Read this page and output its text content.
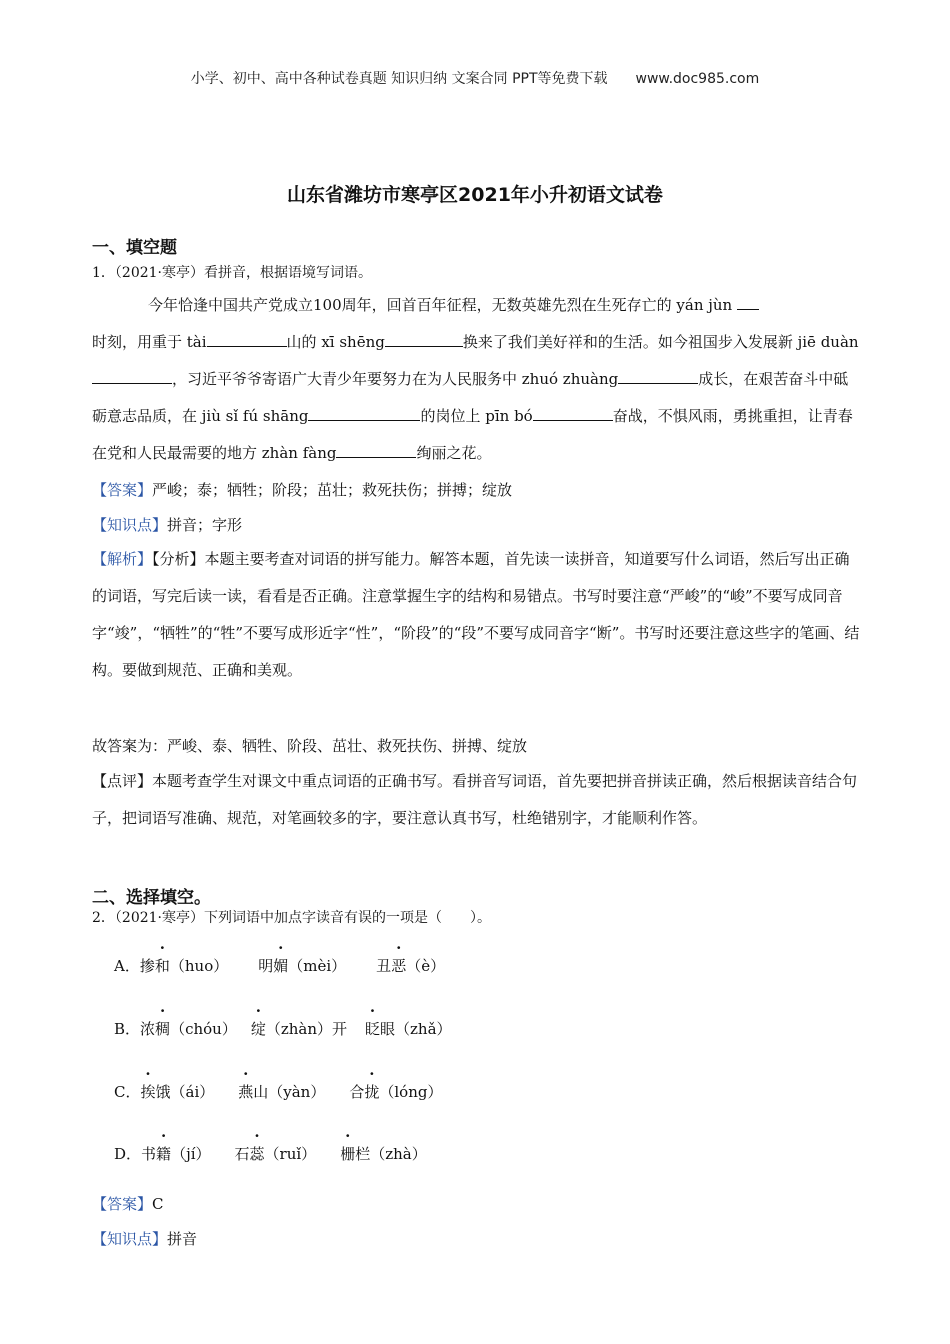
小学、初中、高中各种试卷真题 知识归纳 文案合同 PPT等免费下载 www.doc985.com
山东省潍坊市寒亭区2021年小升初语文试卷
一、填空题
1．（2021·寒亭）看拼音，根据语境写词语。
今年恰逢中国共产党成立100周年，回首百年征程，无数英雄先烈在生死存亡的 yán jùn
时刻，用重于 tài	山的 xī shēng	换来了我们美好祥和的生活。如今祖国步入发展新 jiē duàn，习近平爷爷寄语广大青少年要努力在为人民服务中 zhuó zhuàng	成长，在艰苦奋斗中砥砺意志品质，在 jiù sǐ fú shāng	的岗位上 pīn bó	奋战，不惧风雨，勇挑重担，让青春在党和人民最需要的地方 zhàn fàng	绚丽之花。
【答案】严峻；泰；牺牲；阶段；茁壮；救死扶伤；拼搏；绽放
【知识点】拼音；字形
【解析】【分析】本题主要考查对词语的拼写能力。解答本题，首先读一读拼音，知道要写什么词语，然后写出正确的词语，写完后读一读，看看是否正确。注意掌握生字的结构和易错点。书写时要注意“严峻”的“峻”不要写成同音字“竣”，“牺牲”的“牲”不要写成形近字“性”，“阶段”的“段”不要写成同音字“断”。书写时还要注意这些字的笔画、结构。要做到规范、正确和美观。
故答案为：严峻、泰、牺牲、阶段、茁壮、救死扶伤、拼搏、绽放
【点评】本题考查学生对课文中重点词语的正确书写。看拼音写词语，首先要把拼音拼读正确，然后根据读音结合句子，把词语写准确、规范，对笔画较多的字，要注意认真书写，杜绝错别字，才能顺利作答。
二、选择填空。
2．（2021·寒亭）下列词语中加点字读音有误的一项是（　　）。
A．掺和（huo） 明媚（mèi） 丑恶（è）
B．浓稠（chóu） 绽（zhàn）开 眨眼（zhǎ）
C．挨饿（ái） 燕山（yàn） 合拢（lóng）
D．书籍（jí） 石蕊（ruǐ） 栅栏（zhà）
【答案】C
【知识点】拼音
